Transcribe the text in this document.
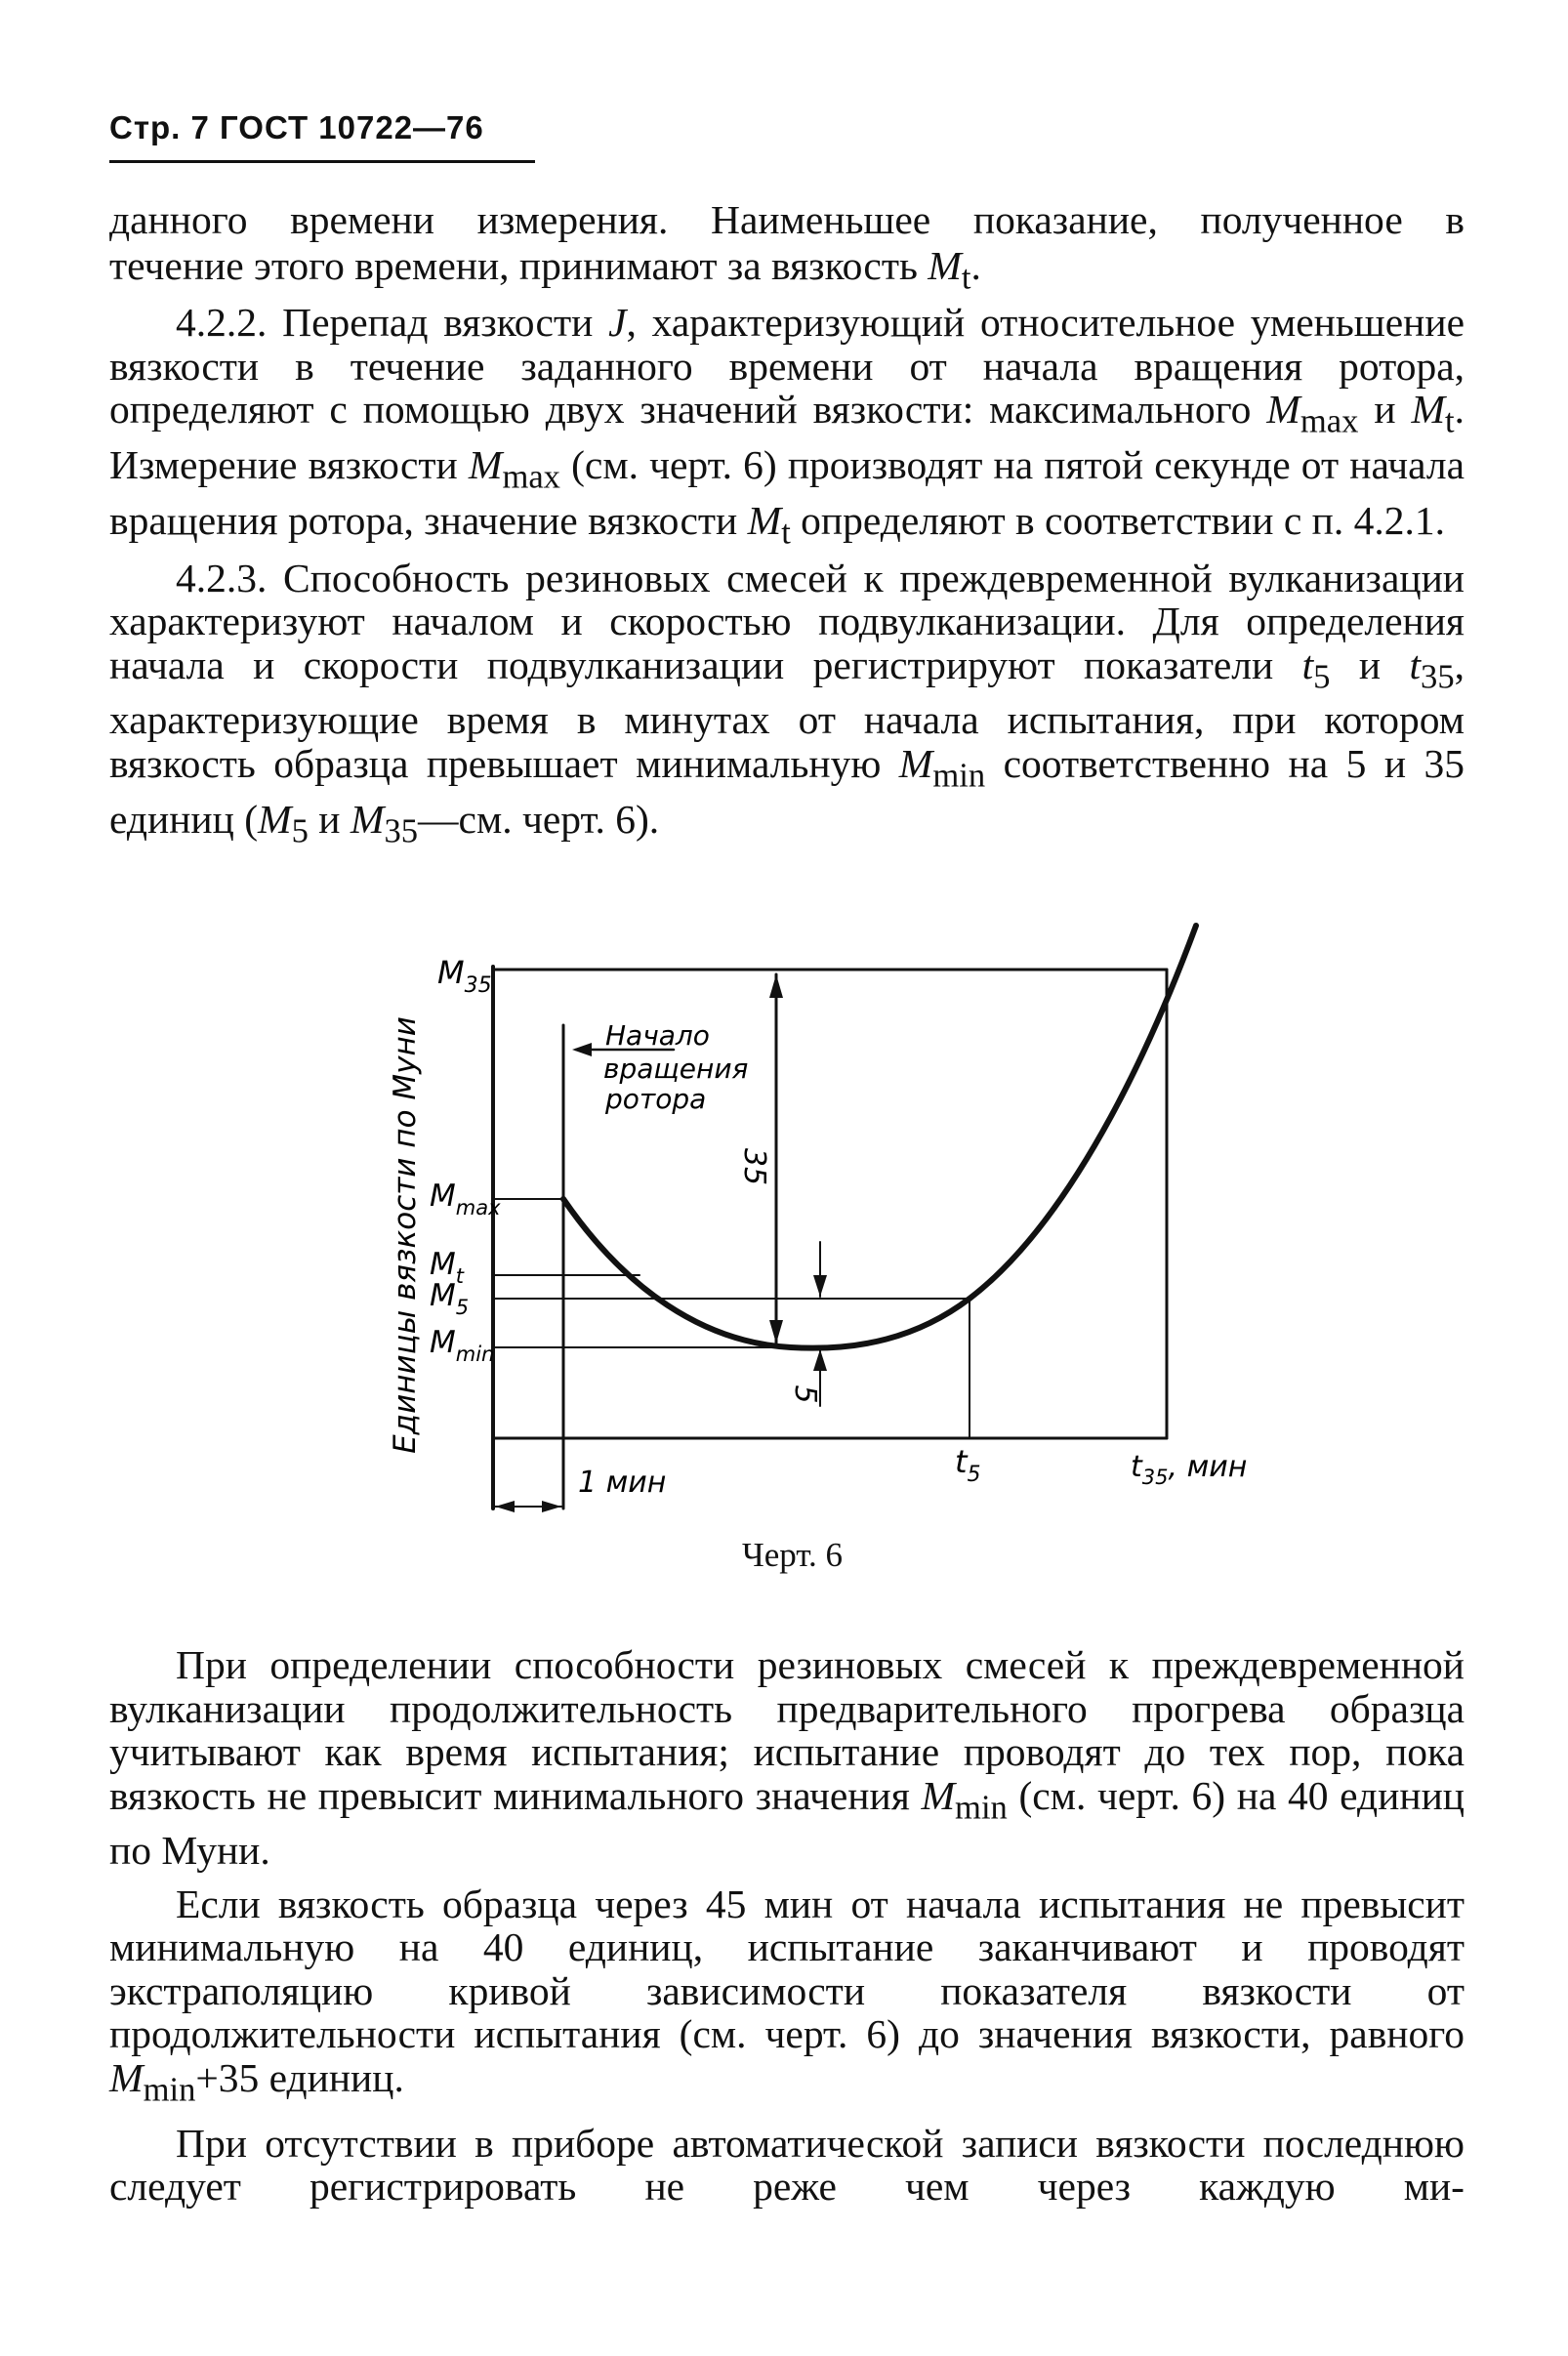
Стр. 7 ГОСТ 10722—76

данного времени измерения. Наименьшее показание, полученное в

течение этого времени, принимают за вязкость $M_t$.

4.2.2. Перепад вязкости J, характеризующий относительное уменьшение вязкости в течение заданного времени от начала вращения ротора, определяют с помощью двух значений вязкости: максимального $M_{max}$ и $M_t$. Измерение вязкости $M_{max}$ (см. черт. 6) производят на пятой секунде от начала вращения ротора, значение вязкости $M_t$ определяют в соответствии с п. 4.2.1.

4.2.3. Способность резиновых смесей к преждевременной вулканизации характеризуют началом и скоростью подвулканизации. Для определения начала и скорости подвулканизации регистрируют показатели $t_5$ и $t_{35}$, характеризующие время в минутах от начала испытания, при котором вязкость образца превышает минимальную $M_{min}$ соответственно на 5 и 35 единиц ($M_5$ и $M_{35}—см$. черт. 6).

Единицы вязкости по Муни
$M_{35}$
$M_{max}$
$M_t$
$M_5$
$M_{min}$
Начало
вращения
ротора
35
5
1 мин
$t_5$	$t_{35}$, мин
Черт. 6

При определении способности резиновых смесей к преждевременной вулканизации продолжительность предварительного прогрева образца учитывают как время испытания; испытание проводят до тех пор, пока вязкость не превысит минимального значения $M_{min}$ (см. черт. 6) на 40 единиц по Муни.

Если вязкость образца через 45 мин от начала испытания не превысит минимальную на 40 единиц, испытание заканчивают и проводят экстраполяцию кривой зависимости показателя вязкости от продолжительности испытания (см. черт. 6) до значения вязкости, равного $M_{min}+35$ единиц.

При отсутствии в приборе автоматической записи вязкости последнюю следует регистрировать не реже чем через каждую ми-
